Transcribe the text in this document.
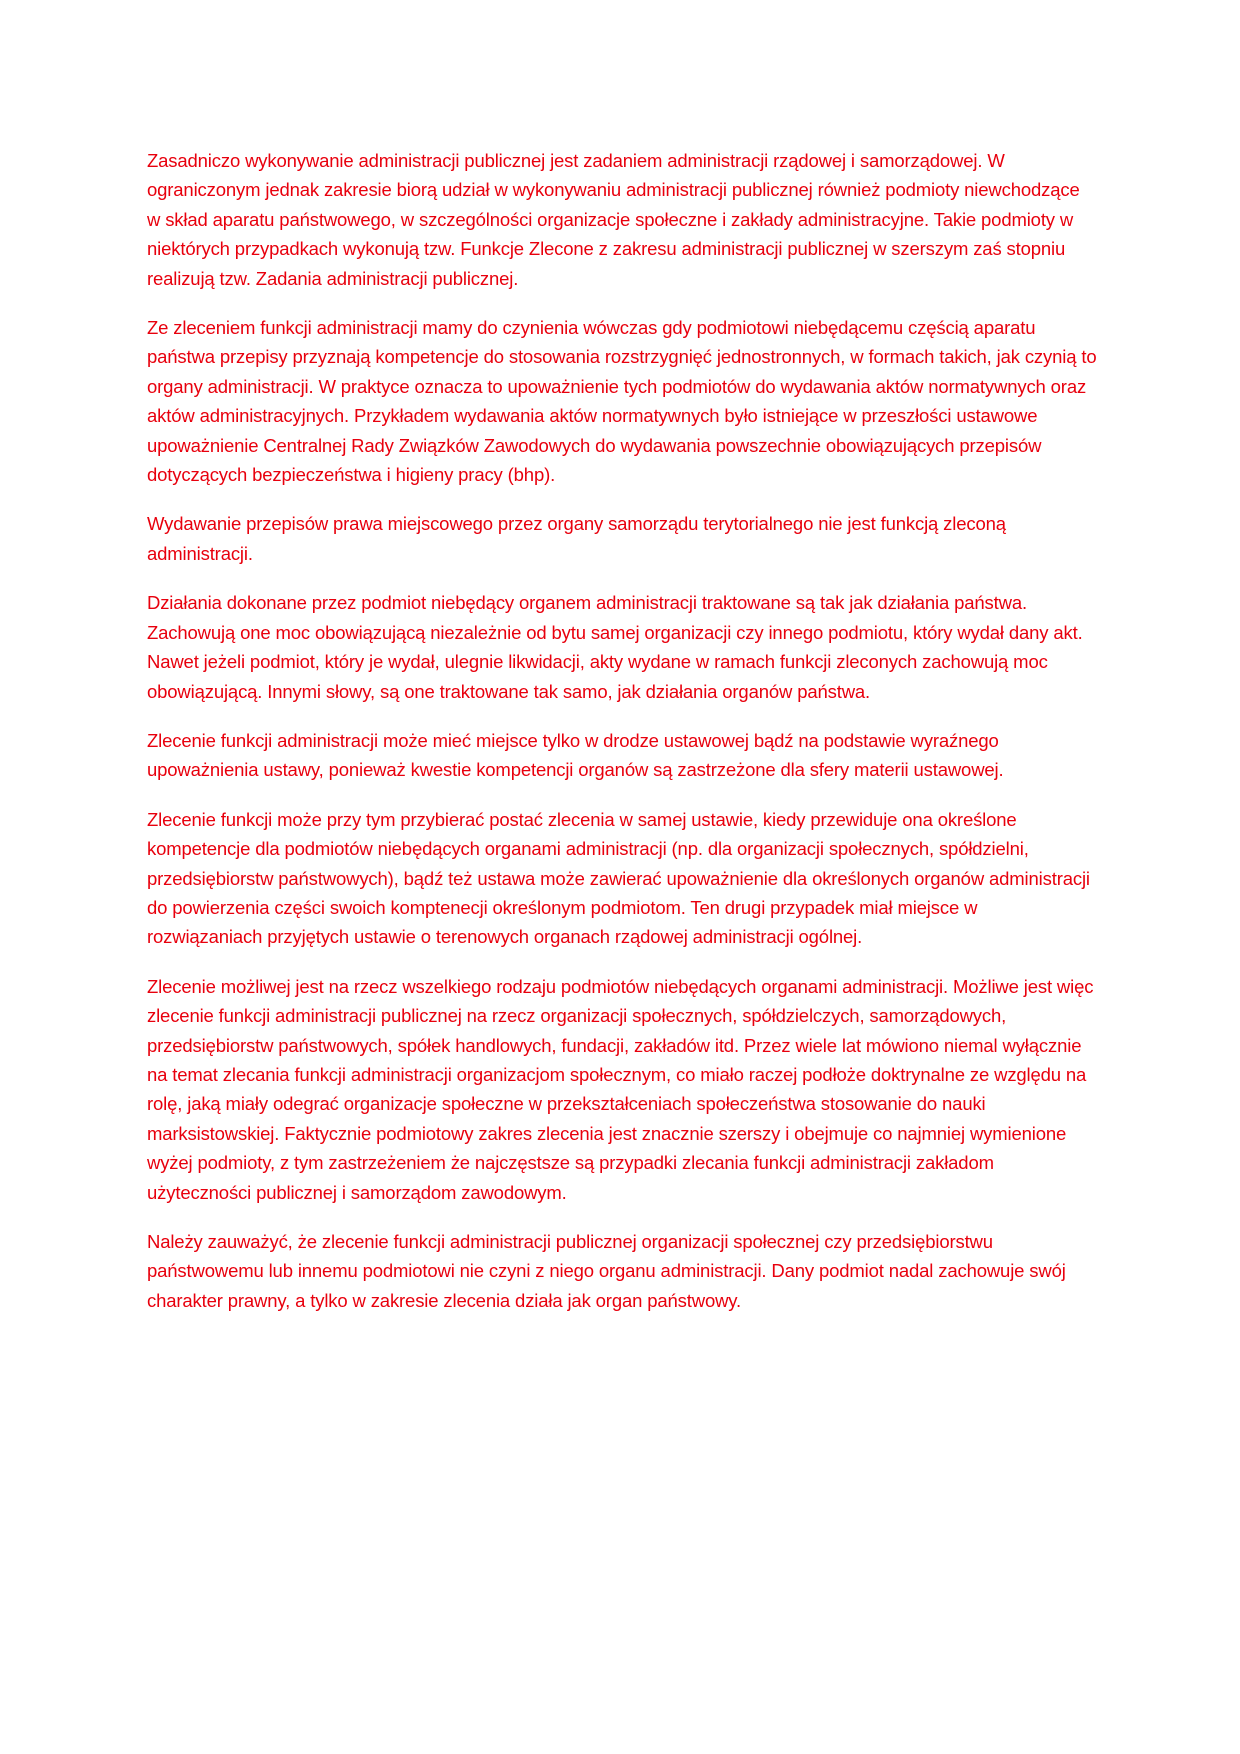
Zasadniczo wykonywanie administracji publicznej jest zadaniem administracji rządowej i samorządowej. W ograniczonym jednak zakresie biorą udział w wykonywaniu administracji publicznej również podmioty niewchodzące w skład aparatu państwowego, w szczególności organizacje społeczne i zakłady administracyjne. Takie podmioty w niektórych przypadkach wykonują tzw. Funkcje Zlecone z zakresu administracji publicznej w szerszym zaś stopniu realizują tzw. Zadania administracji publicznej.

Ze zleceniem funkcji administracji mamy do czynienia wówczas gdy podmiotowi niebędącemu częścią aparatu państwa przepisy przyznają kompetencje do stosowania rozstrzygnięć jednostronnych, w formach takich, jak czynią to organy administracji. W praktyce oznacza to upoważnienie tych podmiotów do wydawania aktów normatywnych oraz aktów administracyjnych. Przykładem wydawania aktów normatywnych było istniejące w przeszłości ustawowe upoważnienie Centralnej Rady Związków Zawodowych do wydawania powszechnie obowiązujących przepisów dotyczących bezpieczeństwa i higieny pracy (bhp).

Wydawanie przepisów prawa miejscowego przez organy samorządu terytorialnego nie jest funkcją zleconą administracji.

Działania dokonane przez podmiot niebędący organem administracji traktowane są tak jak działania państwa. Zachowują one moc obowiązującą niezależnie od bytu samej organizacji czy innego podmiotu, który wydał dany akt. Nawet jeżeli podmiot, który je wydał, ulegnie likwidacji, akty wydane w ramach funkcji zleconych zachowują moc obowiązującą. Innymi słowy, są one traktowane tak samo, jak działania organów państwa.

Zlecenie funkcji administracji może mieć miejsce tylko w drodze ustawowej bądź na podstawie wyraźnego upoważnienia ustawy, ponieważ kwestie kompetencji organów są zastrzeżone dla sfery materii ustawowej.

Zlecenie funkcji może przy tym przybierać postać zlecenia w samej ustawie, kiedy przewiduje ona określone kompetencje dla podmiotów niebędących organami administracji (np. dla organizacji społecznych, spółdzielni, przedsiębiorstw państwowych), bądź też ustawa może zawierać upoważnienie dla określonych organów administracji do powierzenia części swoich komptenecji określonym podmiotom. Ten drugi przypadek miał miejsce w rozwiązaniach przyjętych ustawie o terenowych organach rządowej administracji ogólnej.

Zlecenie możliwej jest na rzecz wszelkiego rodzaju podmiotów niebędących organami administracji. Możliwe jest więc zlecenie funkcji administracji publicznej na rzecz organizacji społecznych, spółdzielczych, samorządowych, przedsiębiorstw państwowych, spółek handlowych, fundacji, zakładów itd. Przez wiele lat mówiono niemal wyłącznie na temat zlecania funkcji administracji organizacjom społecznym, co miało raczej podłoże doktrynalne ze względu na rolę, jaką miały odegrać organizacje społeczne w przekształceniach społeczeństwa stosowanie do nauki marksistowskiej. Faktycznie podmiotowy zakres zlecenia jest znacznie szerszy i obejmuje co najmniej wymienione wyżej podmioty, z tym zastrzeżeniem że najczęstsze są przypadki zlecania funkcji administracji zakładom użyteczności publicznej i samorządom zawodowym.

Należy zauważyć, że zlecenie funkcji administracji publicznej organizacji społecznej czy przedsiębiorstwu państwowemu lub innemu podmiotowi nie czyni z niego organu administracji. Dany podmiot nadal zachowuje swój charakter prawny, a tylko w zakresie zlecenia działa jak organ państwowy.
